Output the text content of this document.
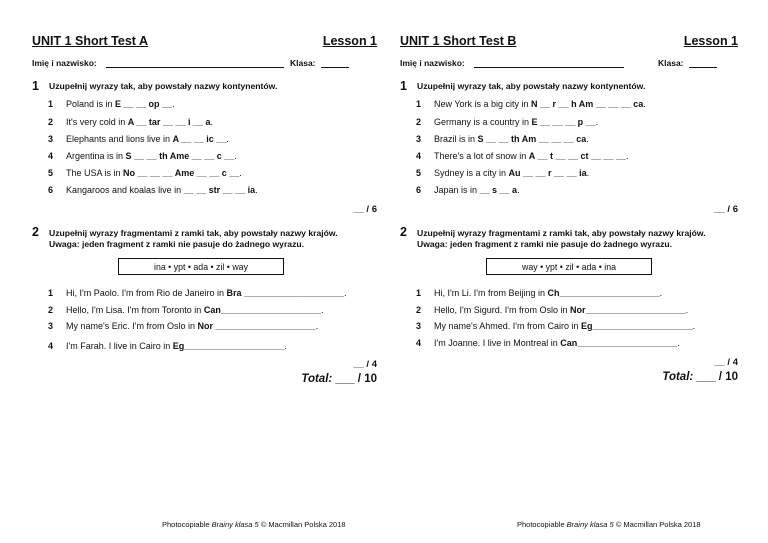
UNIT 1 Short Test A	Lesson 1
Imię i nazwisko:	Klasa:
1 Uzupełnij wyrazy tak, aby powstały nazwy kontynentów.
1 Poland is in E __ __ op __.
2 It's very cold in A __ tar __ __ i __ a.
3 Elephants and lions live in A __ __ ic __.
4 Argentina is in S __ __ th Ame __ __ c __.
5 The USA is in No __ __ __ Ame __ __ c __.
6 Kangaroos and koalas live in __ __ str __ __ ia.
__ / 6
2 Uzupełnij wyrazy fragmentami z ramki tak, aby powstały nazwy krajów.
Uwaga: jeden fragment z ramki nie pasuje do żadnego wyrazu.
ina • ypt • ada • zil • way
1 Hi, I'm Paolo. I'm from Rio de Janeiro in Bra ____________________.
2 Hello, I'm Lisa. I'm from Toronto in Can____________________.
3 My name's Eric. I'm from Oslo in Nor ____________________.
4 I'm Farah. I live in Cairo in Eg____________________.
__ / 4
Total: ___ / 10
Photocopiable Brainy klasa 5 © Macmillan Polska 2018
UNIT 1 Short Test B	Lesson 1
Imię i nazwisko:	Klasa:
1 Uzupełnij wyrazy tak, aby powstały nazwy kontynentów.
1 New York is a big city in N __ r __ h Am __ __ __ ca.
2 Germany is a country in E __ __ __ p __.
3 Brazil is in S __ __ th Am __ __ __ ca.
4 There's a lot of snow in A __ t __ __ ct __ __ __.
5 Sydney is a city in Au __ __ r __ __ ia.
6 Japan is in __ s __ a.
__ / 6
2 Uzupełnij wyrazy fragmentami z ramki tak, aby powstały nazwy krajów.
Uwaga: jeden fragment z ramki nie pasuje do żadnego wyrazu.
way • ypt • zil • ada • ina
1 Hi, I'm Li. I'm from Beijing in Ch____________________.
2 Hello, I'm Sigurd. I'm from Oslo in Nor____________________.
3 My name's Ahmed. I'm from Cairo in Eg____________________.
4 I'm Joanne. I live in Montreal in Can____________________.
__ / 4
Total: ___ / 10
Photocopiable Brainy klasa 5 © Macmillan Polska 2018
